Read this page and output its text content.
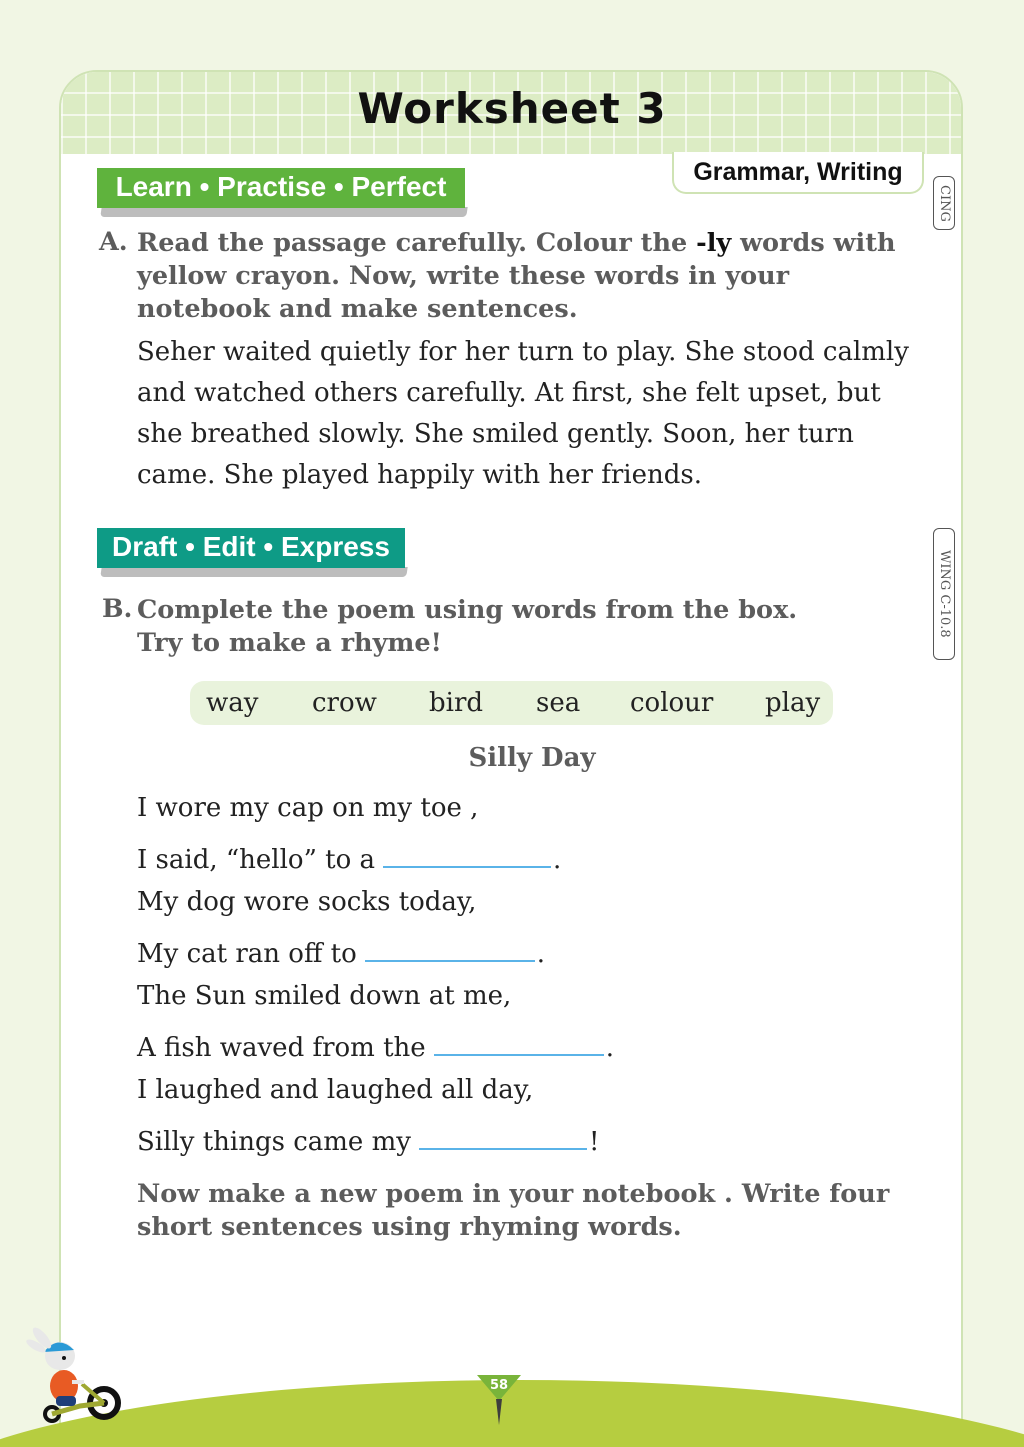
Worksheet 3
Grammar, Writing
CING
WING C-10.8
Learn • Practise • Perfect
A. Read the passage carefully. Colour the -ly words with yellow crayon. Now, write these words in your notebook and make sentences.
Seher waited quietly for her turn to play. She stood calmly and watched others carefully. At first, she felt upset, but she breathed slowly. She smiled gently. Soon, her turn came. She played happily with her friends.
Draft • Edit • Express
B. Complete the poem using words from the box.
Try to make a rhyme!
way crow bird sea colour play
Silly Day
I wore my cap on my toe ,
I said, “hello” to a	.
My dog wore socks today,
My cat ran off to	.
The Sun smiled down at me,
A fish waved from the	.
I laughed and laughed all day,
Silly things came my	!
Now make a new poem in your notebook . Write four short sentences using rhyming words.
58
